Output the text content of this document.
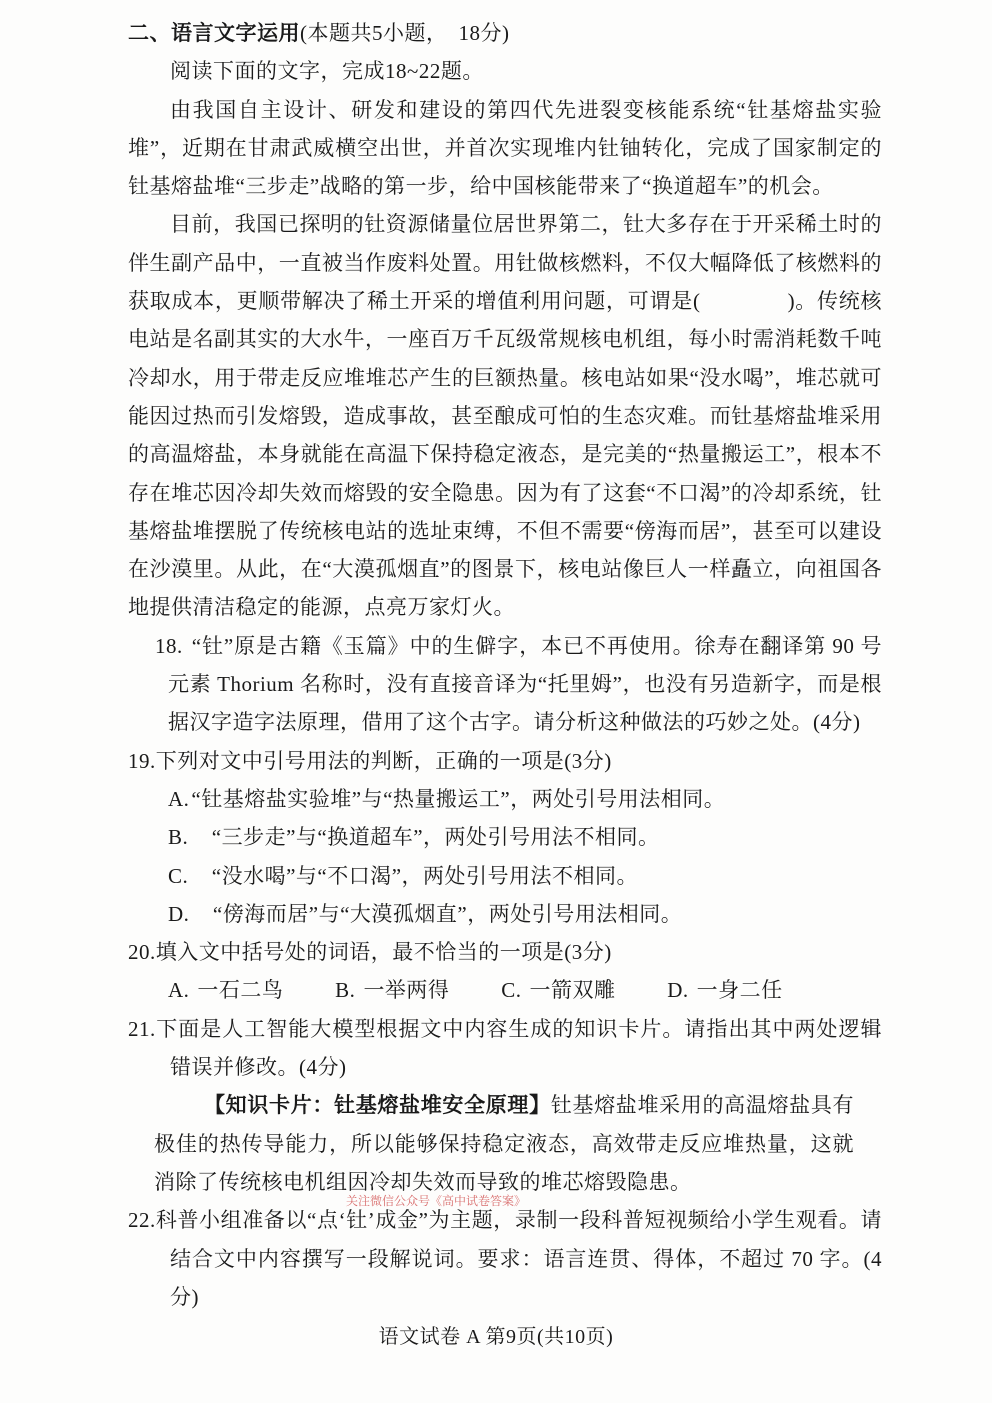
二、语言文字运用(本题共5小题，　18分)
阅读下面的文字，完成18~22题。

由我国自主设计、研发和建设的第四代先进裂变核能系统“钍基熔盐实验堆”，近期在甘肃武威横空出世，并首次实现堆内钍铀转化，完成了国家制定的钍基熔盐堆“三步走”战略的第一步，给中国核能带来了“换道超车”的机会。

目前，我国已探明的钍资源储量位居世界第二，钍大多存在于开采稀土时的伴生副产品中，一直被当作废料处置。用钍做核燃料，不仅大幅降低了核燃料的获取成本，更顺带解决了稀土开采的增值利用问题，可谓是(　　　　)。传统核电站是名副其实的大水牛，一座百万千瓦级常规核电机组，每小时需消耗数千吨冷却水，用于带走反应堆堆芯产生的巨额热量。核电站如果“没水喝”，堆芯就可能因过热而引发熔毁，造成事故，甚至酿成可怕的生态灾难。而钍基熔盐堆采用的高温熔盐，本身就能在高温下保持稳定液态，是完美的“热量搬运工”，根本不存在堆芯因冷却失效而熔毁的安全隐患。因为有了这套“不口渴”的冷却系统，钍基熔盐堆摆脱了传统核电站的选址束缚，不但不需要“傍海而居”，甚至可以建设在沙漠里。从此，在“大漠孤烟直”的图景下，核电站像巨人一样矗立，向祖国各地提供清洁稳定的能源，点亮万家灯火。

18. “钍”原是古籍《玉篇》中的生僻字，本已不再使用。徐寿在翻译第 90 号元素 Thorium 名称时，没有直接音译为“托里姆”，也没有另造新字，而是根据汉字造字法原理，借用了这个古字。请分析这种做法的巧妙之处。(4分)
19.下列对文中引号用法的判断，正确的一项是(3分)
A.“钍基熔盐实验堆”与“热量搬运工”，两处引号用法相同。
B.　“三步走”与“换道超车”，两处引号用法不相同。
C.　“没水喝”与“不口渴”，两处引号用法不相同。
D.　“傍海而居”与“大漠孤烟直”，两处引号用法相同。
20.填入文中括号处的词语，最不恰当的一项是(3分)
A. 一石二鸟 B. 一举两得 C. 一箭双雕 D. 一身二任
21.下面是人工智能大模型根据文中内容生成的知识卡片。请指出其中两处逻辑错误并修改。(4分)

【知识卡片：钍基熔盐堆安全原理】钍基熔盐堆采用的高温熔盐具有极佳的热传导能力，所以能够保持稳定液态，高效带走反应堆热量，这就消除了传统核电机组因冷却失效而导致的堆芯熔毁隐患。

22.科普小组准备以“点‘钍’成金”为主题，录制一段科普短视频给小学生观看。请结合文中内容撰写一段解说词。要求：语言连贯、得体，不超过 70 字。(4分)
关注微信公众号《高中试卷答案》
语文试卷 A 第9页(共10页)
